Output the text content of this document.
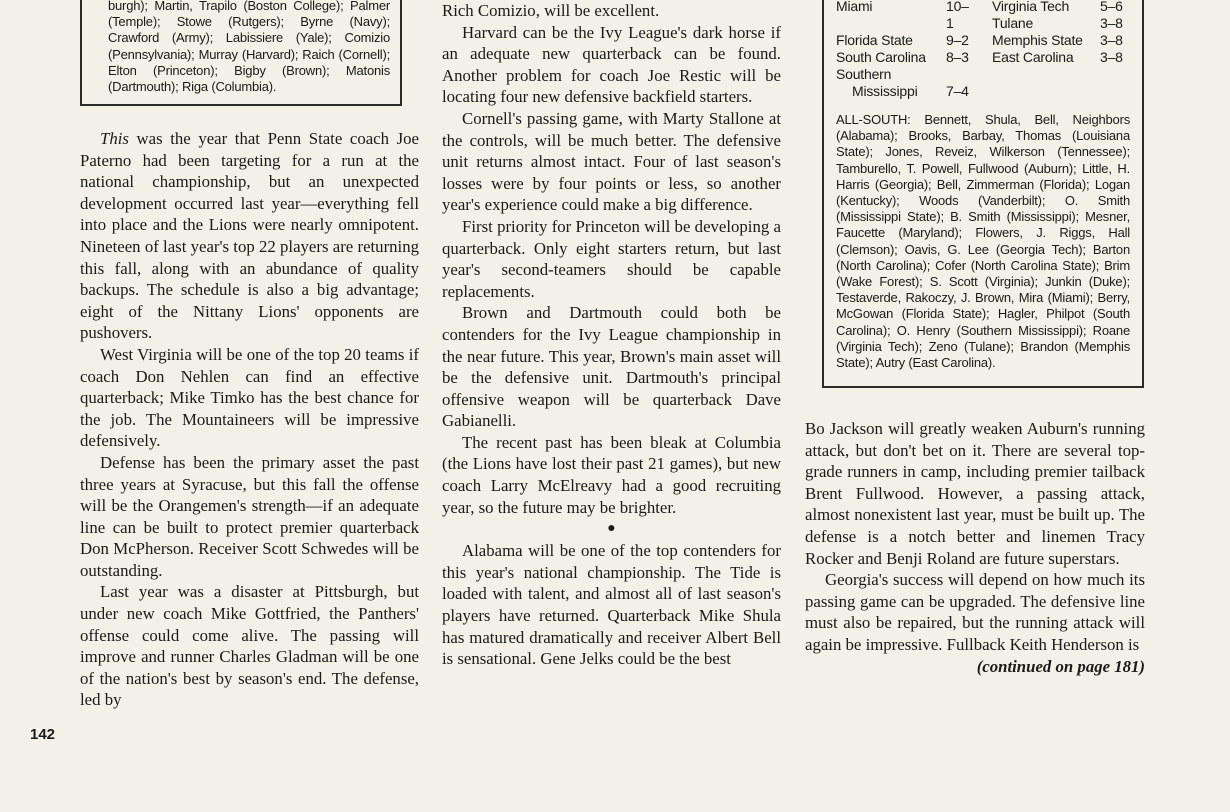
burgh); Martin, Trapilo (Boston College); Palmer (Temple); Stowe (Rutgers); Byrne (Navy); Crawford (Army); Labissiere (Yale); Comizio (Pennsylvania); Murray (Harvard); Raich (Cornell); Elton (Princeton); Bigby (Brown); Matonis (Dartmouth); Riga (Columbia).
Miami	10–1
Florida State 9–2
South Carolina 8–3
Southern
Mississippi 7–4
Virginia Tech 5–6
Tulane	3–8
Memphis State 3–8
East Carolina 3–8
ALL-SOUTH: Bennett, Shula, Bell, Neighbors (Alabama); Brooks, Barbay, Thomas (Louisiana State); Jones, Reveiz, Wilkerson (Tennessee); Tamburello, T. Powell, Fullwood (Auburn); Little, H. Harris (Georgia); Bell, Zimmerman (Florida); Logan (Kentucky); Woods (Vanderbilt); O. Smith (Mississippi State); B. Smith (Mississippi); Mesner, Faucette (Maryland); Flowers, J. Riggs, Hall (Clemson); Oavis, G. Lee (Georgia Tech); Barton (North Carolina); Cofer (North Carolina State); Brim (Wake Forest); S. Scott (Virginia); Junkin (Duke); Testaverde, Rakoczy, J. Brown, Mira (Miami); Berry, McGowan (Florida State); Hagler, Philpot (South Carolina); O. Henry (Southern Mississippi); Roane (Virginia Tech); Zeno (Tulane); Brandon (Memphis State); Autry (East Carolina).

This was the year that Penn State coach Joe Paterno had been targeting for a run at the national championship, but an unexpected development occurred last year—everything fell into place and the Lions were nearly omnipotent. Nineteen of last year's top 22 players are returning this fall, along with an abundance of quality backups. The schedule is also a big advantage; eight of the Nittany Lions' opponents are pushovers.

West Virginia will be one of the top 20 teams if coach Don Nehlen can find an effective quarterback; Mike Timko has the best chance for the job. The Mountaineers will be impressive defensively.

Defense has been the primary asset the past three years at Syracuse, but this fall the offense will be the Orangemen's strength—if an adequate line can be built to protect premier quarterback Don McPherson. Receiver Scott Schwedes will be outstanding.

Last year was a disaster at Pittsburgh, but under new coach Mike Gottfried, the Panthers' offense could come alive. The passing will improve and runner Charles Gladman will be one of the nation's best by season's end. The defense, led by

Rich Comizio, will be excellent.

Harvard can be the Ivy League's dark horse if an adequate new quarterback can be found. Another problem for coach Joe Restic will be locating four new defensive backfield starters.

Cornell's passing game, with Marty Stallone at the controls, will be much better. The defensive unit returns almost intact. Four of last season's losses were by four points or less, so another year's experience could make a big difference.

First priority for Princeton will be developing a quarterback. Only eight starters return, but last year's second-teamers should be capable replacements.

Brown and Dartmouth could both be contenders for the Ivy League championship in the near future. This year, Brown's main asset will be the defensive unit. Dartmouth's principal offensive weapon will be quarterback Dave Gabianelli.

The recent past has been bleak at Columbia (the Lions have lost their past 21 games), but new coach Larry McElreavy had a good recruiting year, so the future may be brighter.

●

Alabama will be one of the top contenders for this year's national championship. The Tide is loaded with talent, and almost all of last season's players have returned. Quarterback Mike Shula has matured dramatically and receiver Albert Bell is sensational. Gene Jelks could be the best

Bo Jackson will greatly weaken Auburn's running attack, but don't bet on it. There are several top-grade runners in camp, including premier tailback Brent Fullwood. However, a passing attack, almost nonexistent last year, must be built up. The defense is a notch better and linemen Tracy Rocker and Benji Roland are future superstars.

Georgia's success will depend on how much its passing game can be upgraded. The defensive line must also be repaired, but the running attack will again be impressive. Fullback Keith Henderson is

(continued on page 181)

142
